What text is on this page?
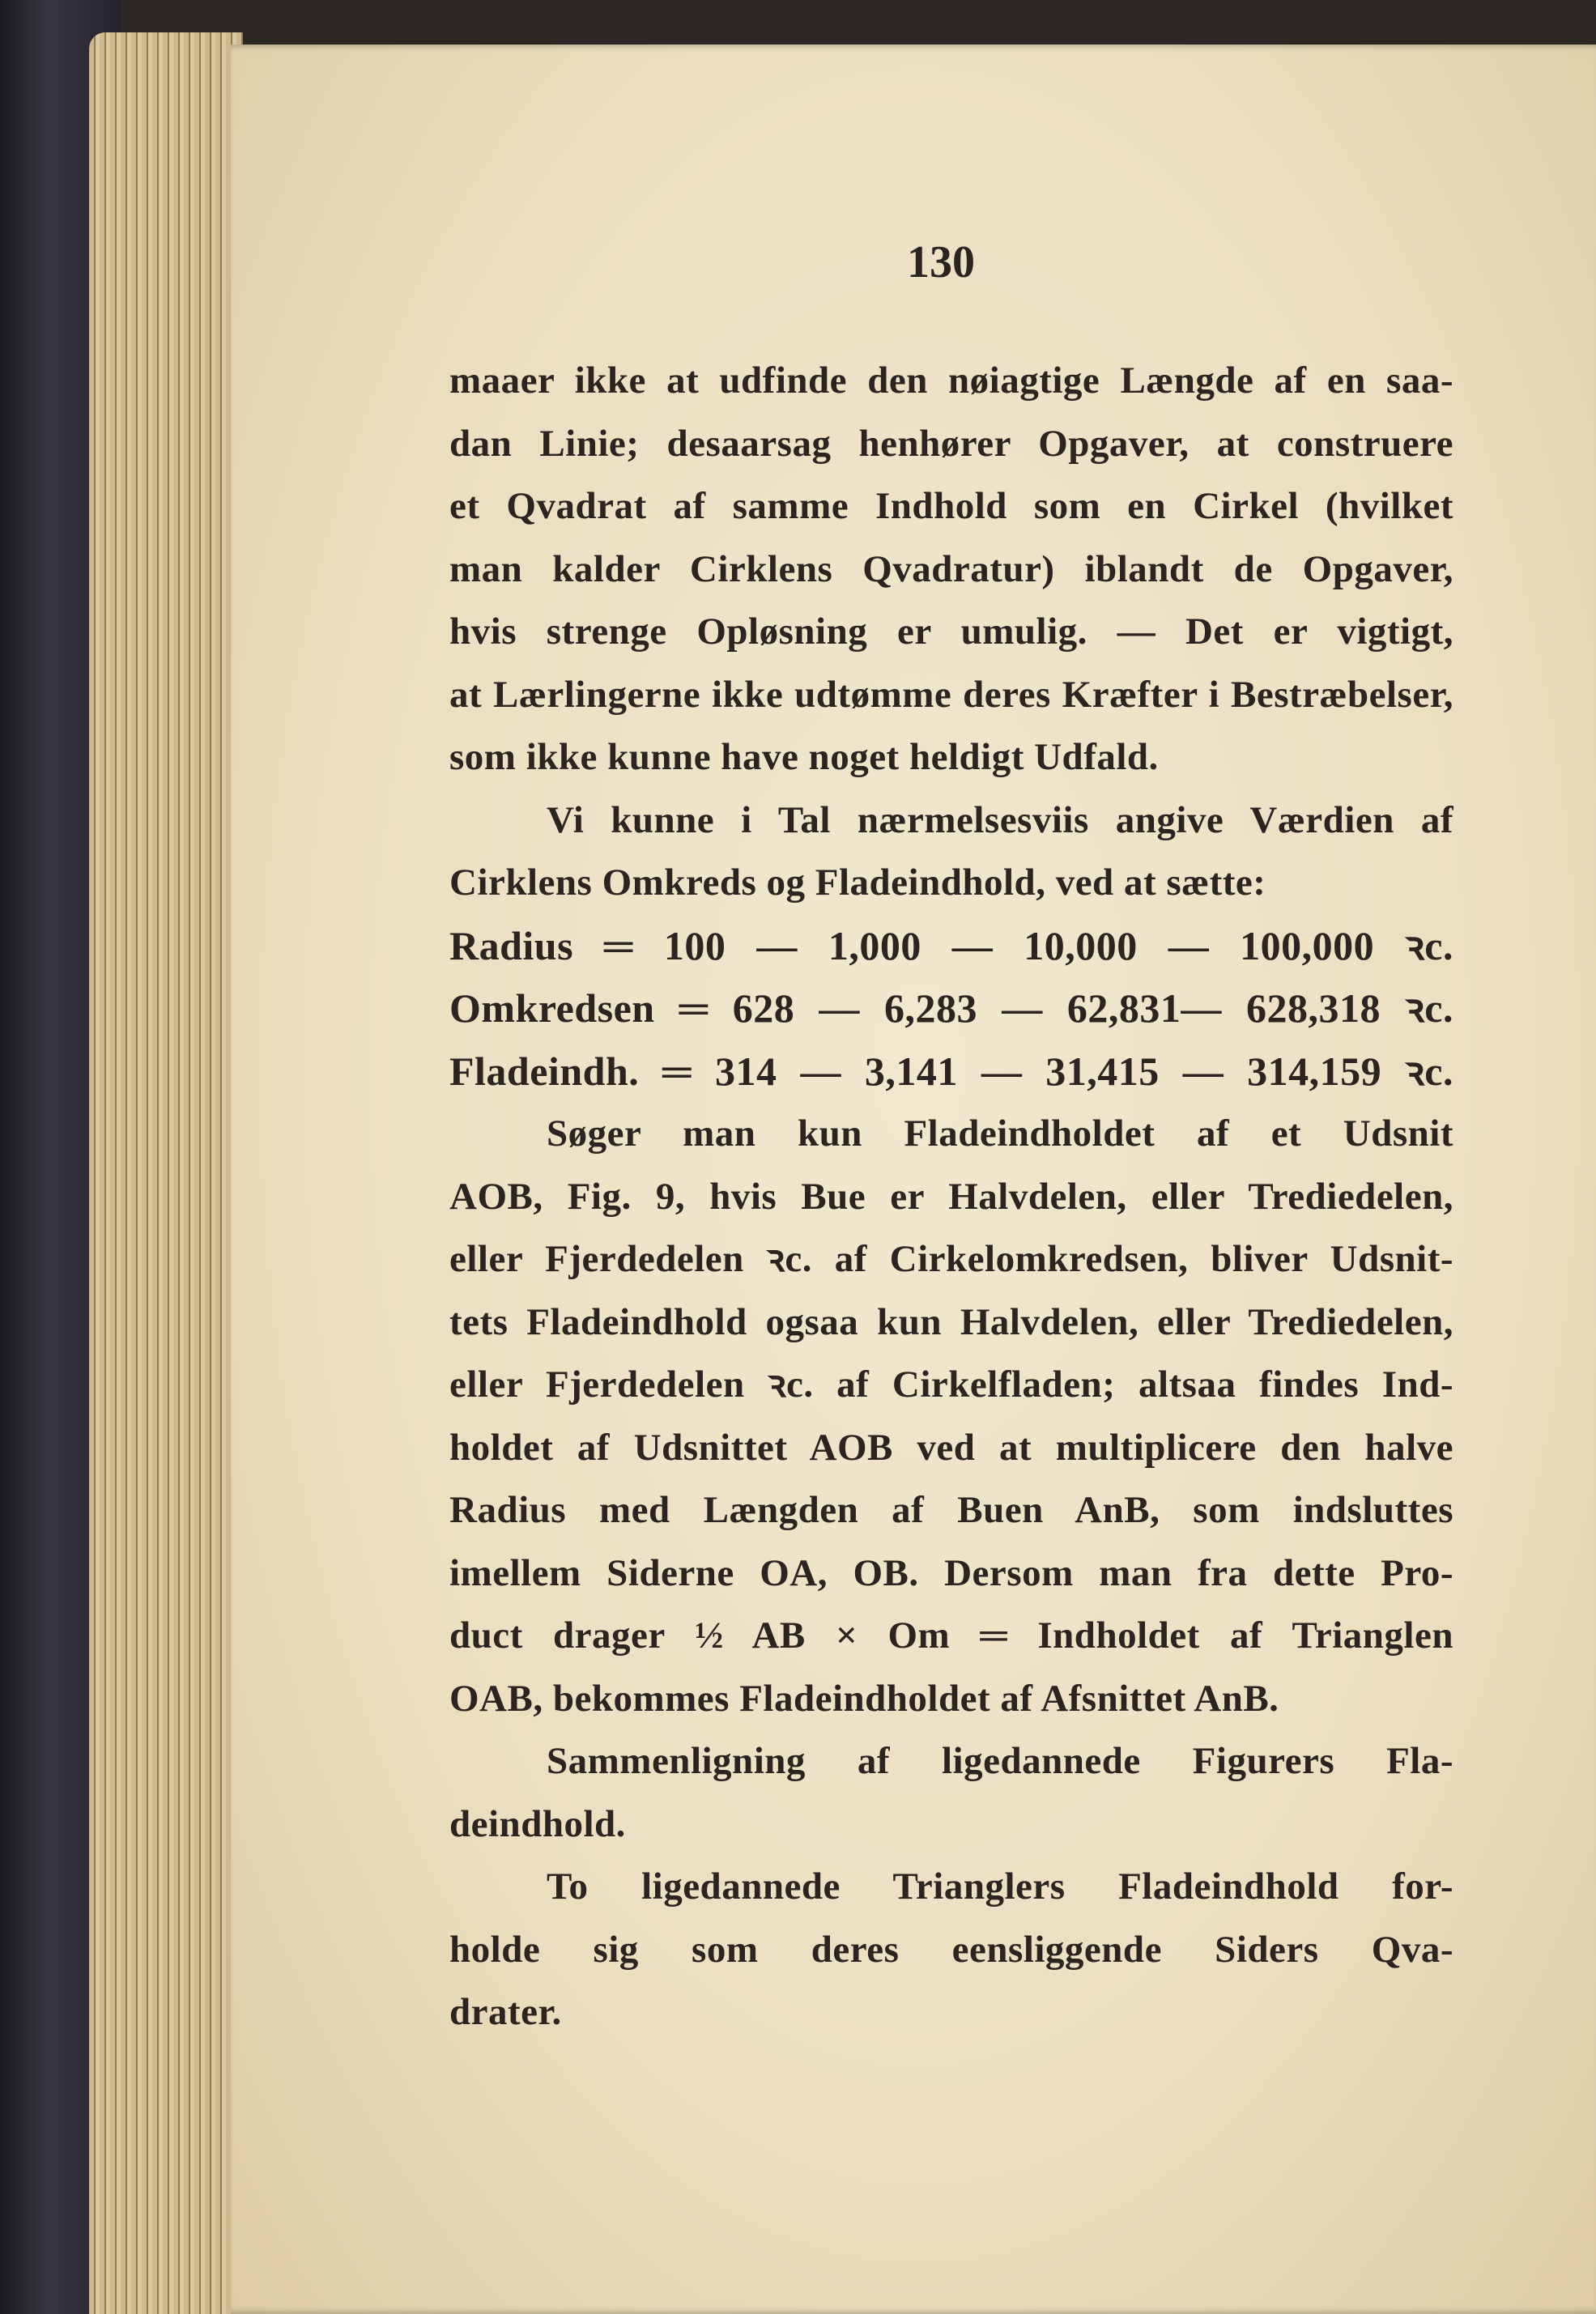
130
maaer ikke at udfinde den nøiagtige Længde af en saa-
dan Linie; desaarsag henhører Opgaver, at construere
et Qvadrat af samme Indhold som en Cirkel (hvilket
man kalder Cirklens Qvadratur) iblandt de Opgaver,
hvis strenge Opløsning er umulig. — Det er vigtigt,
at Lærlingerne ikke udtømme deres Kræfter i Bestræbelser,
som ikke kunne have noget heldigt Udfald.
Vi kunne i Tal nærmelsesviis angive Værdien af
Cirklens Omkreds og Fladeindhold, ved at sætte:
Radius ═ 100 — 1,000 — 10,000 — 100,000 ꝛc.
Omkredsen ═ 628 — 6,283 — 62,831— 628,318 ꝛc.
Fladeindh. ═ 314 — 3,141 — 31,415 — 314,159 ꝛc.
Søger man kun Fladeindholdet af et Udsnit
AOB, Fig. 9, hvis Bue er Halvdelen, eller Trediedelen,
eller Fjerdedelen ꝛc. af Cirkelomkredsen, bliver Udsnit-
tets Fladeindhold ogsaa kun Halvdelen, eller Trediedelen,
eller Fjerdedelen ꝛc. af Cirkelfladen; altsaa findes Ind-
holdet af Udsnittet AOB ved at multiplicere den halve
Radius med Længden af Buen AnB, som indsluttes
imellem Siderne OA, OB. Dersom man fra dette Pro-
duct drager ½ AB × Om ═ Indholdet af Trianglen
OAB, bekommes Fladeindholdet af Afsnittet AnB.
Sammenligning af ligedannede Figurers Fla-
deindhold.
To ligedannede Trianglers Fladeindhold for-
holde sig som deres eensliggende Siders Qva-
drater.
